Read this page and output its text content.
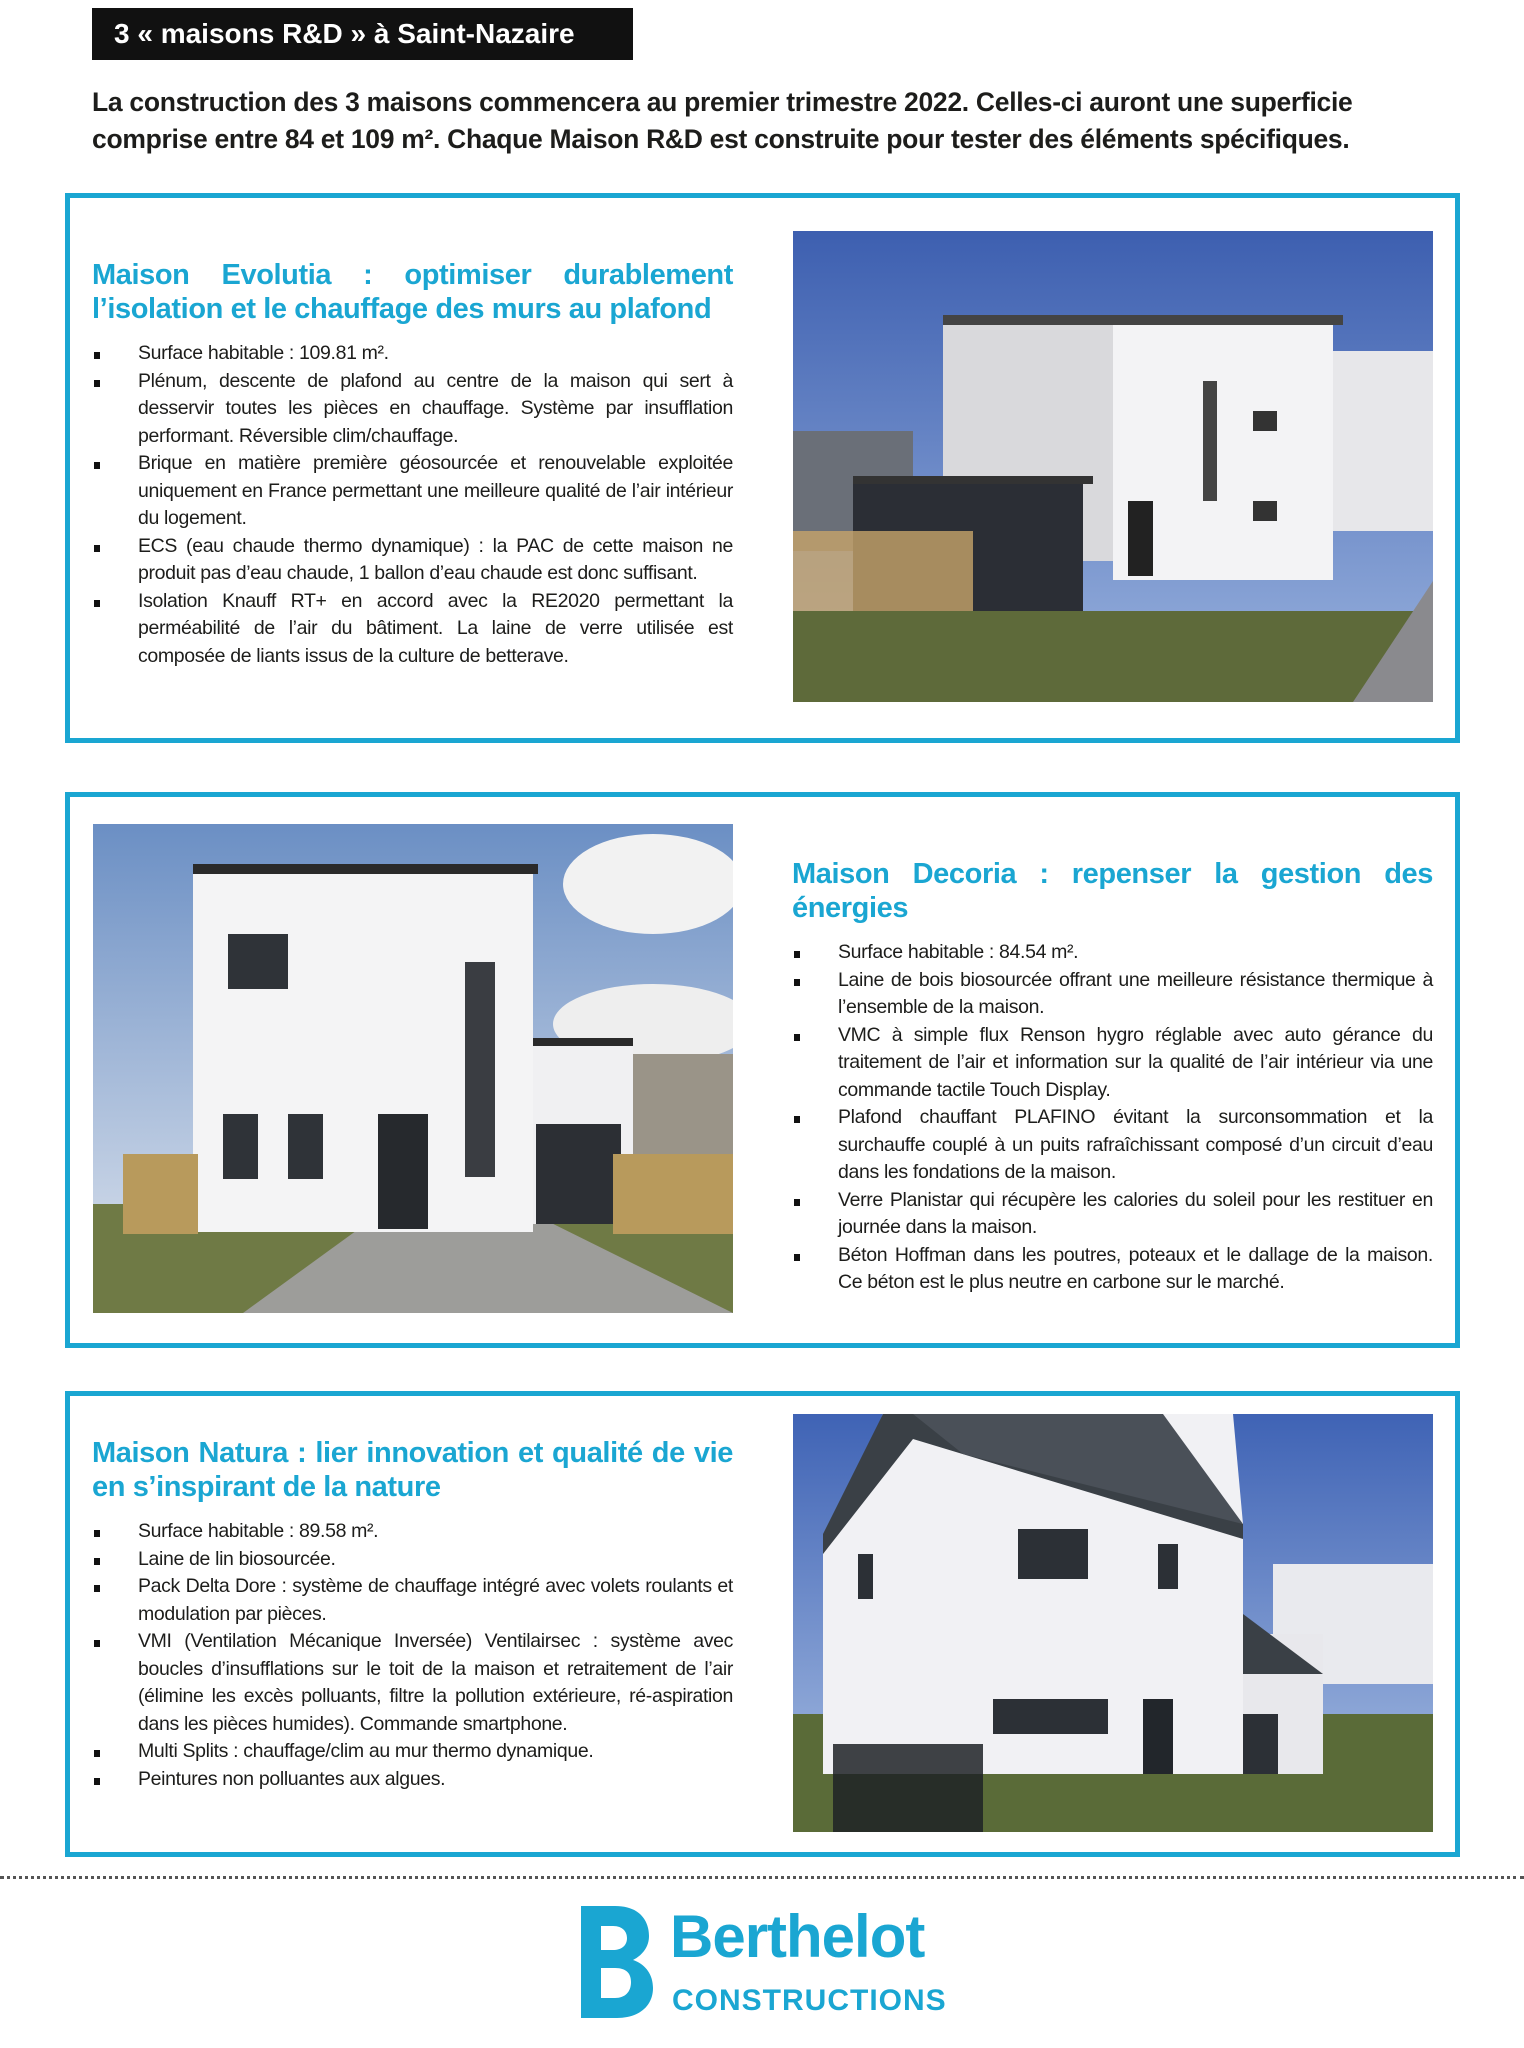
3 « maisons R&D » à Saint-Nazaire

La construction des 3 maisons commencera au premier trimestre 2022. Celles-ci auront une superficie comprise entre 84 et 109 m². Chaque Maison R&D est construite pour tester des éléments spécifiques.

Maison Evolutia : optimiser durablement l’isolation et le chauffage des murs au plafond
Surface habitable : 109.81 m².
Plénum, descente de plafond au centre de la maison qui sert à desservir toutes les pièces en chauffage. Système par insufflation performant. Réversible clim/chauffage.
Brique en matière première géosourcée et renouvelable exploitée uniquement en France permettant une meilleure qualité de l’air intérieur du logement.
ECS (eau chaude thermo dynamique) : la PAC de cette maison ne produit pas d’eau chaude, 1 ballon d’eau chaude est donc suffisant.
Isolation Knauff RT+ en accord avec la RE2020 permettant la perméabilité de l’air du bâtiment. La laine de verre utilisée est composée de liants issus de la culture de betterave.
Maison Decoria : repenser la gestion des énergies
Surface habitable : 84.54 m².
Laine de bois biosourcée offrant une meilleure résistance thermique à l’ensemble de la maison.
VMC à simple flux Renson hygro réglable avec auto gérance du traitement de l’air et information sur la qualité de l’air intérieur via une commande tactile Touch Display.
Plafond chauffant PLAFINO évitant la surconsommation et la surchauffe couplé à un puits rafraîchissant composé d’un circuit d’eau dans les fondations de la maison.
Verre Planistar qui récupère les calories du soleil pour les restituer en journée dans la maison.
Béton Hoffman dans les poutres, poteaux et le dallage de la maison. Ce béton est le plus neutre en carbone sur le marché.
Maison Natura : lier innovation et qualité de vie en s’inspirant de la nature
Surface habitable : 89.58 m².
Laine de lin biosourcée.
Pack Delta Dore : système de chauffage intégré avec volets roulants et modulation par pièces.
VMI (Ventilation Mécanique Inversée) Ventilairsec : système avec boucles d’insufflations sur le toit de la maison et retraitement de l’air (élimine les excès polluants, filtre la pollution extérieure, ré-aspiration dans les pièces humides). Commande smartphone.
Multi Splits : chauffage/clim au mur thermo dynamique.
Peintures non polluantes aux algues.
Berthelot
CONSTRUCTIONS
